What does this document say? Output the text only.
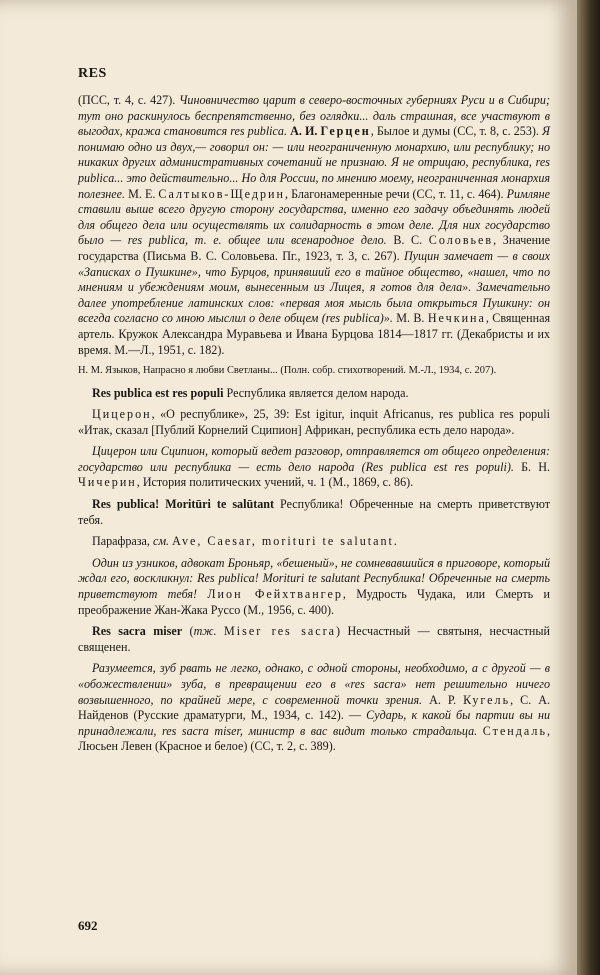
RES

(ПСС, т. 4, с. 427). Чиновничество царит в северо-восточных губерниях Руси и в Сибири; тут оно раскинулось беспрепятственно, без оглядки... даль страшная, все участвуют в выгодах, кража становится res publica. А. И. Герцен, Былое и думы (СС, т. 8, с. 253). Я понимаю одно из двух,— говорил он: — или неограниченную монархию, или республику; но никаких других административных сочетаний не признаю. Я не отрицаю, республика, res publica... это действительно... Но для России, по мнению моему, неограниченная монархия полезнее. М. Е. Салтыков-Щедрин, Благонамеренные речи (СС, т. 11, с. 464). Римляне ставили выше всего другую сторону государства, именно его задачу объединять людей для общего дела или осуществлять их солидарность в этом деле. Для них государство было — res publica, т. е. общее или всенародное дело. В. С. Соловьев, Значение государства (Письма В. С. Соловьева. Пг., 1923, т. 3, с. 267). Пущин замечает — в своих «Записках о Пушкине», что Бурцов, принявший его в тайное общество, «нашел, что по мнениям и убеждениям моим, вынесенным из Лицея, я готов для дела». Замечательно далее употребление латинских слов: «первая моя мысль была открыться Пушкину: он всегда согласно со мною мыслил о деле общем (res publica)». М. В. Нечкина, Священная артель. Кружок Александра Муравьева и Ивана Бурцова 1814—1817 гг. (Декабристы и их время. М.—Л., 1951, с. 182).

Н. М. Языков, Напрасно я любви Светланы... (Полн. собр. стихотворений. М.-Л., 1934, с. 207).

Res publica est res populi Республика является делом народа.

Цицерон, «О республике», 25, 39: Est igitur, inquit Africanus, res publica res populi «Итак, сказал [Публий Корнелий Сципион] Африкан, республика есть дело народа».

Цицерон или Сципион, который ведет разговор, отправляется от общего определения: государство или республика — есть дело народа (Res publica est res populi). Б. Н. Чичерин, История политических учений, ч. 1 (М., 1869, с. 86).

Res publica! Moritūri te salūtant Республика! Обреченные на смерть приветствуют тебя.

Парафраза, см. Ave, Caesar, morituri te salutant.

Один из узников, адвокат Броньяр, «бешеный», не сомневавшийся в приговоре, который ждал его, воскликнул: Res publica! Morituri te salutant Республика! Обреченные на смерть приветствуют тебя! Лион Фейхтвангер, Мудрость Чудака, или Смерть и преображение Жан-Жака Руссо (М., 1956, с. 400).

Res sacra miser (тж. Miser res sacra) Несчастный — святыня, несчастный священен.

Разумеется, зуб рвать не легко, однако, с одной стороны, необходимо, а с другой — в «обожествлении» зуба, в превращении его в «res sacra» нет решительно ничего возвышенного, по крайней мере, с современной точки зрения. А. Р. Кугель, С. А. Найденов (Русские драматурги, М., 1934, с. 142). — Сударь, к какой бы партии вы ни принадлежали, res sacra miser, министр в вас видит только страдальца. Стендаль, Люсьен Левен (Красное и белое) (СС, т. 2, с. 389).

692
